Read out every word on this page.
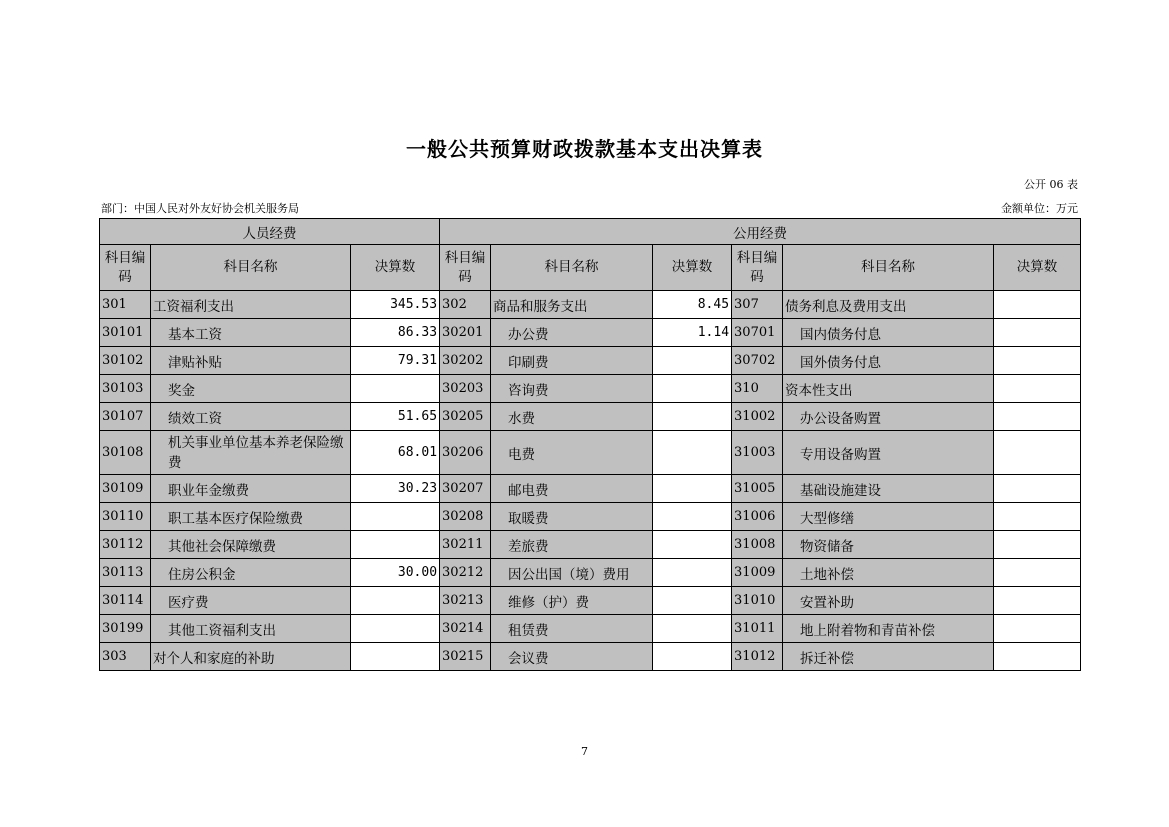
一般公共预算财政拨款基本支出决算表
公开 06 表
部门：中国人民对外友好协会机关服务局	金额单位：万元
人员经费			公用经费					
科目编码	科目名称	决算数	科目编码	科目名称	决算数	科目编码	科目名称	决算数
301	工资福利支出	345.53	302	商品和服务支出	8.45	307	债务利息及费用支出	
30101	基本工资	86.33	30201	办公费	1.14	30701	国内债务付息	
30102	津贴补贴	79.31	30202	印刷费		30702	国外债务付息	
30103	奖金		30203	咨询费		310	资本性支出	
30107	绩效工资	51.65	30205	水费		31002	办公设备购置	
30108	机关事业单位基本养老保险缴费	68.01	30206	电费		31003	专用设备购置	
30109	职业年金缴费	30.23	30207	邮电费		31005	基础设施建设	
30110	职工基本医疗保险缴费		30208	取暖费		31006	大型修缮	
30112	其他社会保障缴费		30211	差旅费		31008	物资储备	
30113	住房公积金	30.00	30212	因公出国（境）费用		31009	土地补偿	
30114	医疗费		30213	维修（护）费		31010	安置补助	
30199	其他工资福利支出		30214	租赁费		31011	地上附着物和青苗补偿	
303	对个人和家庭的补助		30215	会议费		31012	拆迁补偿	
7
